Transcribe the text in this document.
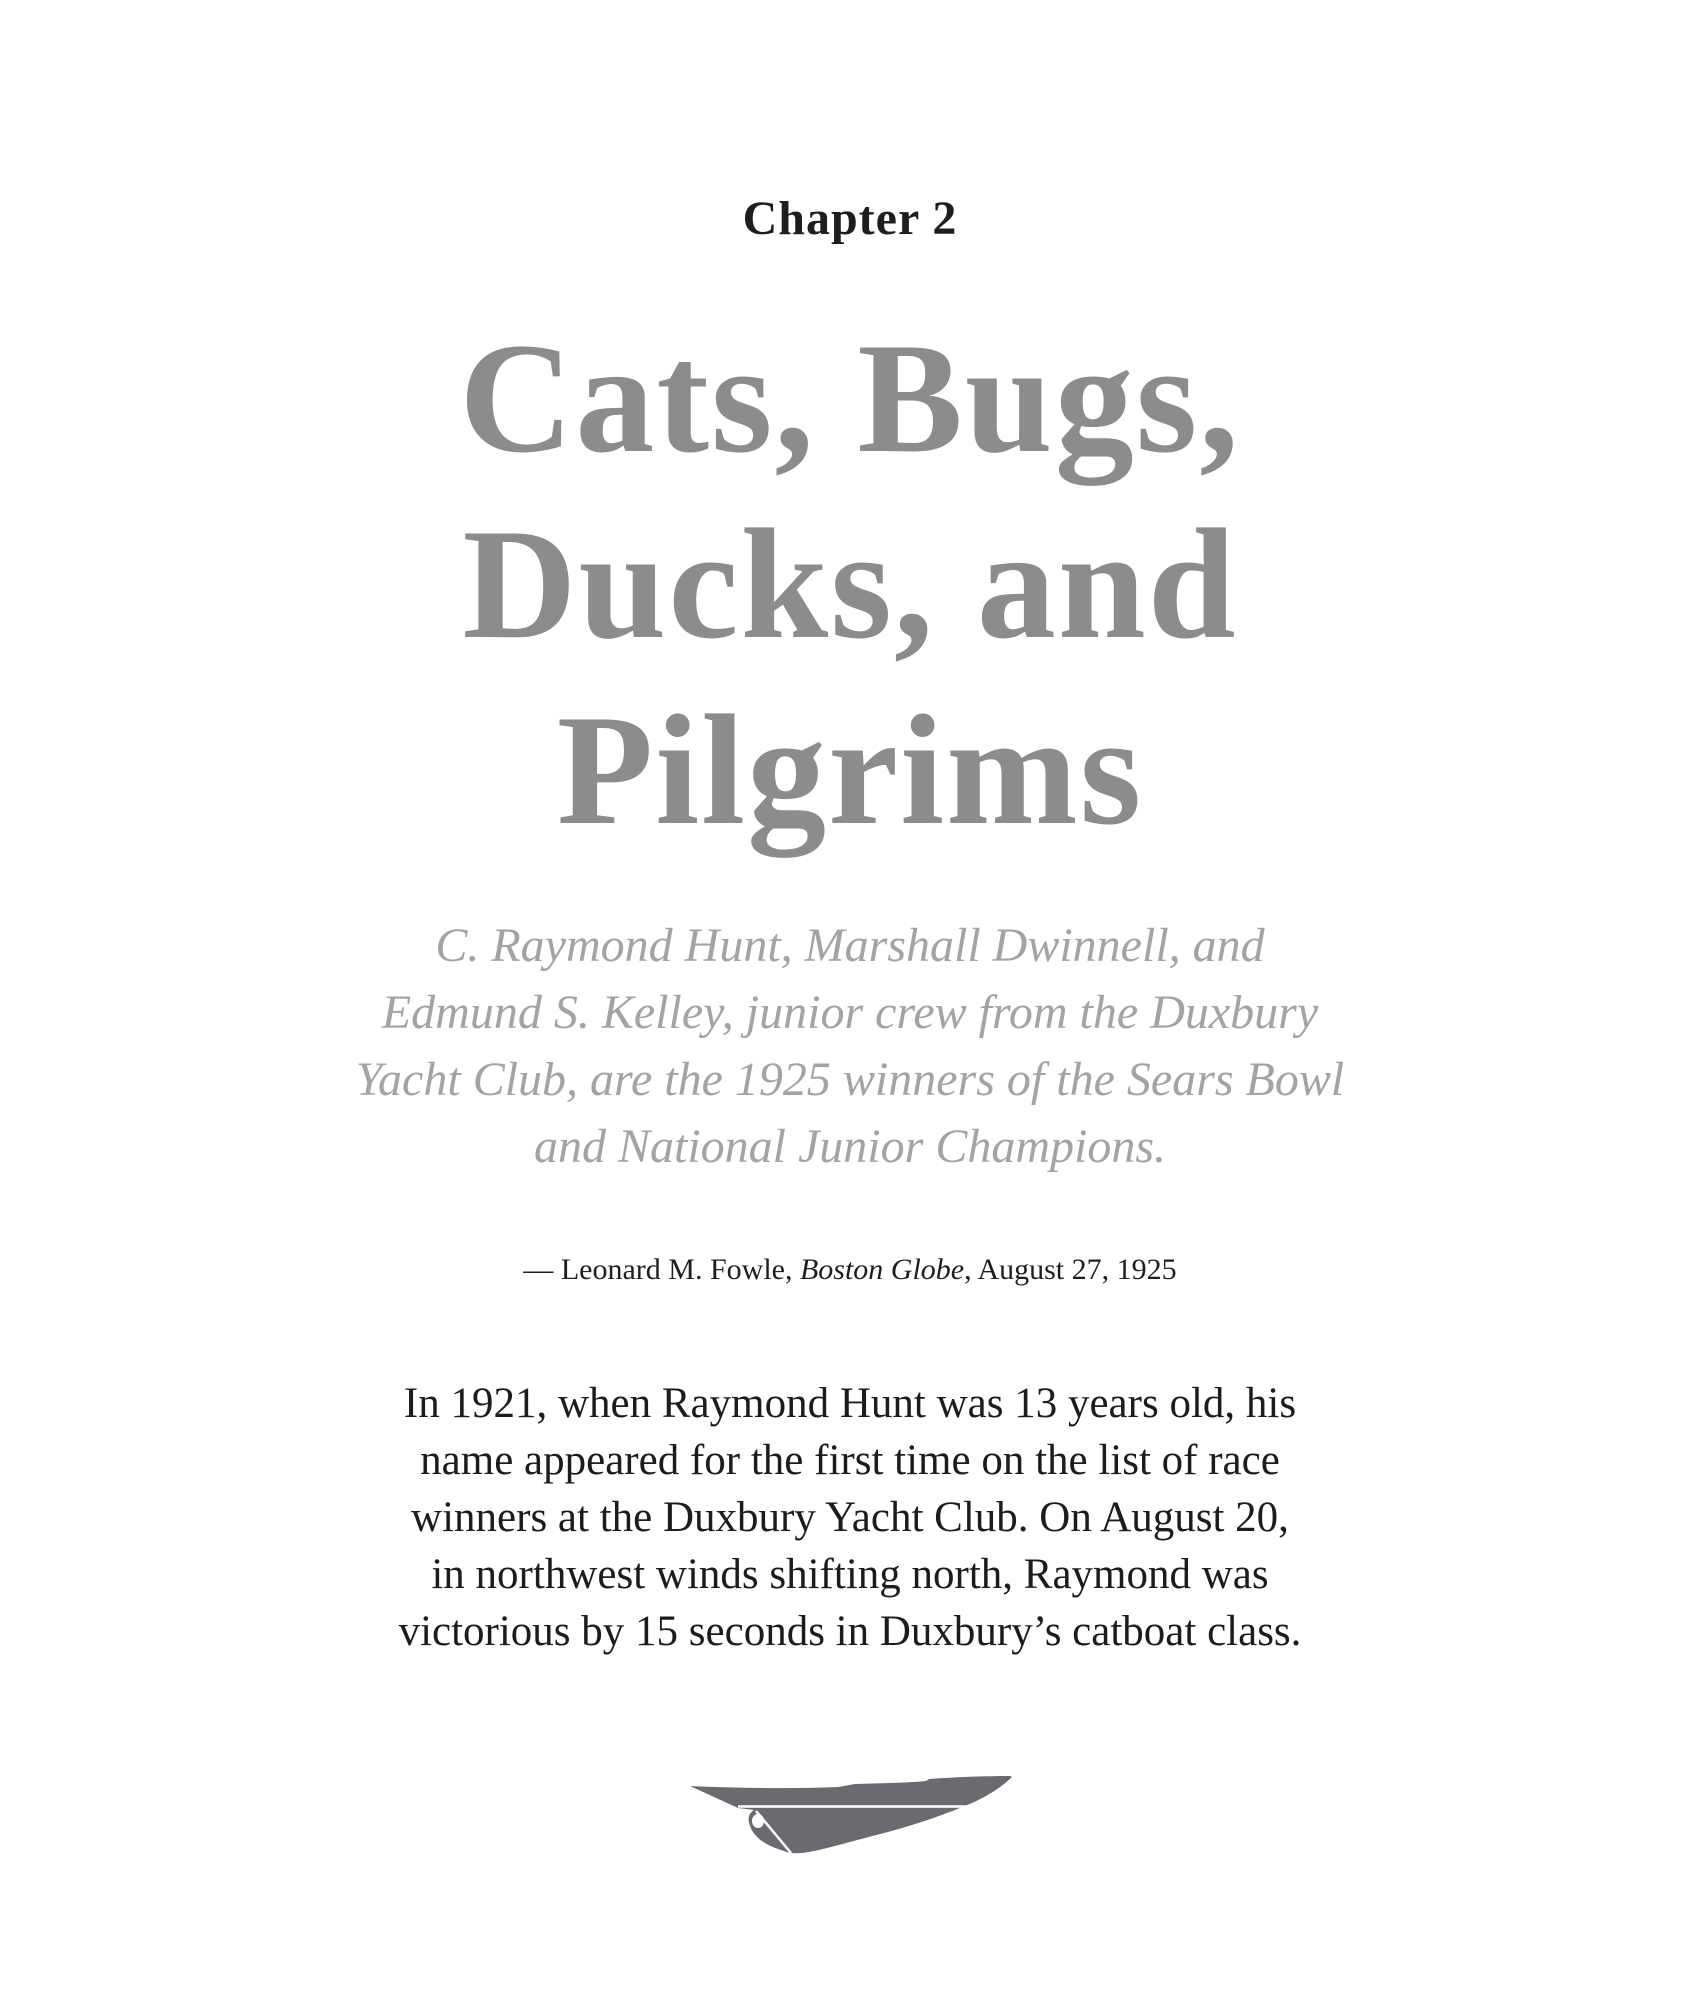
Chapter 2
Cats, Bugs,
Ducks, and
Pilgrims
C. Raymond Hunt, Marshall Dwinnell, and
Edmund S. Kelley, junior crew from the Duxbury
Yacht Club, are the 1925 winners of the Sears Bowl
and National Junior Champions.
— Leonard M. Fowle, Boston Globe, August 27, 1925
In 1921, when Raymond Hunt was 13 years old, his
name appeared for the first time on the list of race
winners at the Duxbury Yacht Club. On August 20,
in northwest winds shifting north, Raymond was
victorious by 15 seconds in Duxbury’s catboat class.
